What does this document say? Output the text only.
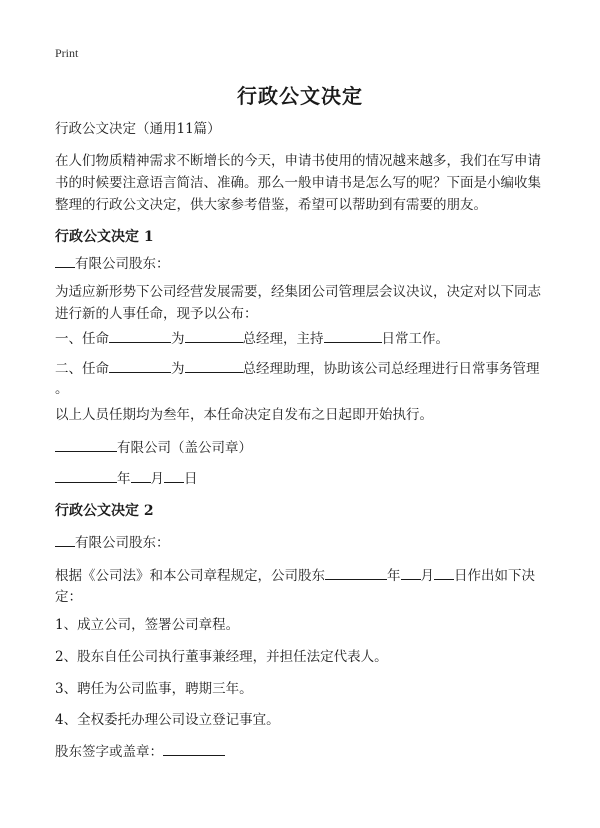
Print
行政公文决定
行政公文决定（通用11篇）
在人们物质精神需求不断增长的今天，申请书使用的情况越来越多，我们在写申请
书的时候要注意语言简洁、准确。那么一般申请书是怎么写的呢？下面是小编收集
整理的行政公文决定，供大家参考借鉴，希望可以帮助到有需要的朋友。
行政公文决定 1
有限公司股东：
为适应新形势下公司经营发展需要，经集团公司管理层会议决议，决定对以下同志
进行新的人事任命，现予以公布：
一、任命	为	总经理，主持	日常工作。
二、任命	为	总经理助理，协助该公司总经理进行日常事务管理
。
以上人员任期均为叁年，本任命决定自发布之日起即开始执行。
有限公司（盖公司章）
年 月 日
行政公文决定 2
有限公司股东：
根据《公司法》和本公司章程规定，公司股东	年 月 日作出如下决
定：
1、成立公司，签署公司章程。
2、股东自任公司执行董事兼经理，并担任法定代表人。
3、聘任为公司监事，聘期三年。
4、全权委托办理公司设立登记事宜。
股东签字或盖章：
